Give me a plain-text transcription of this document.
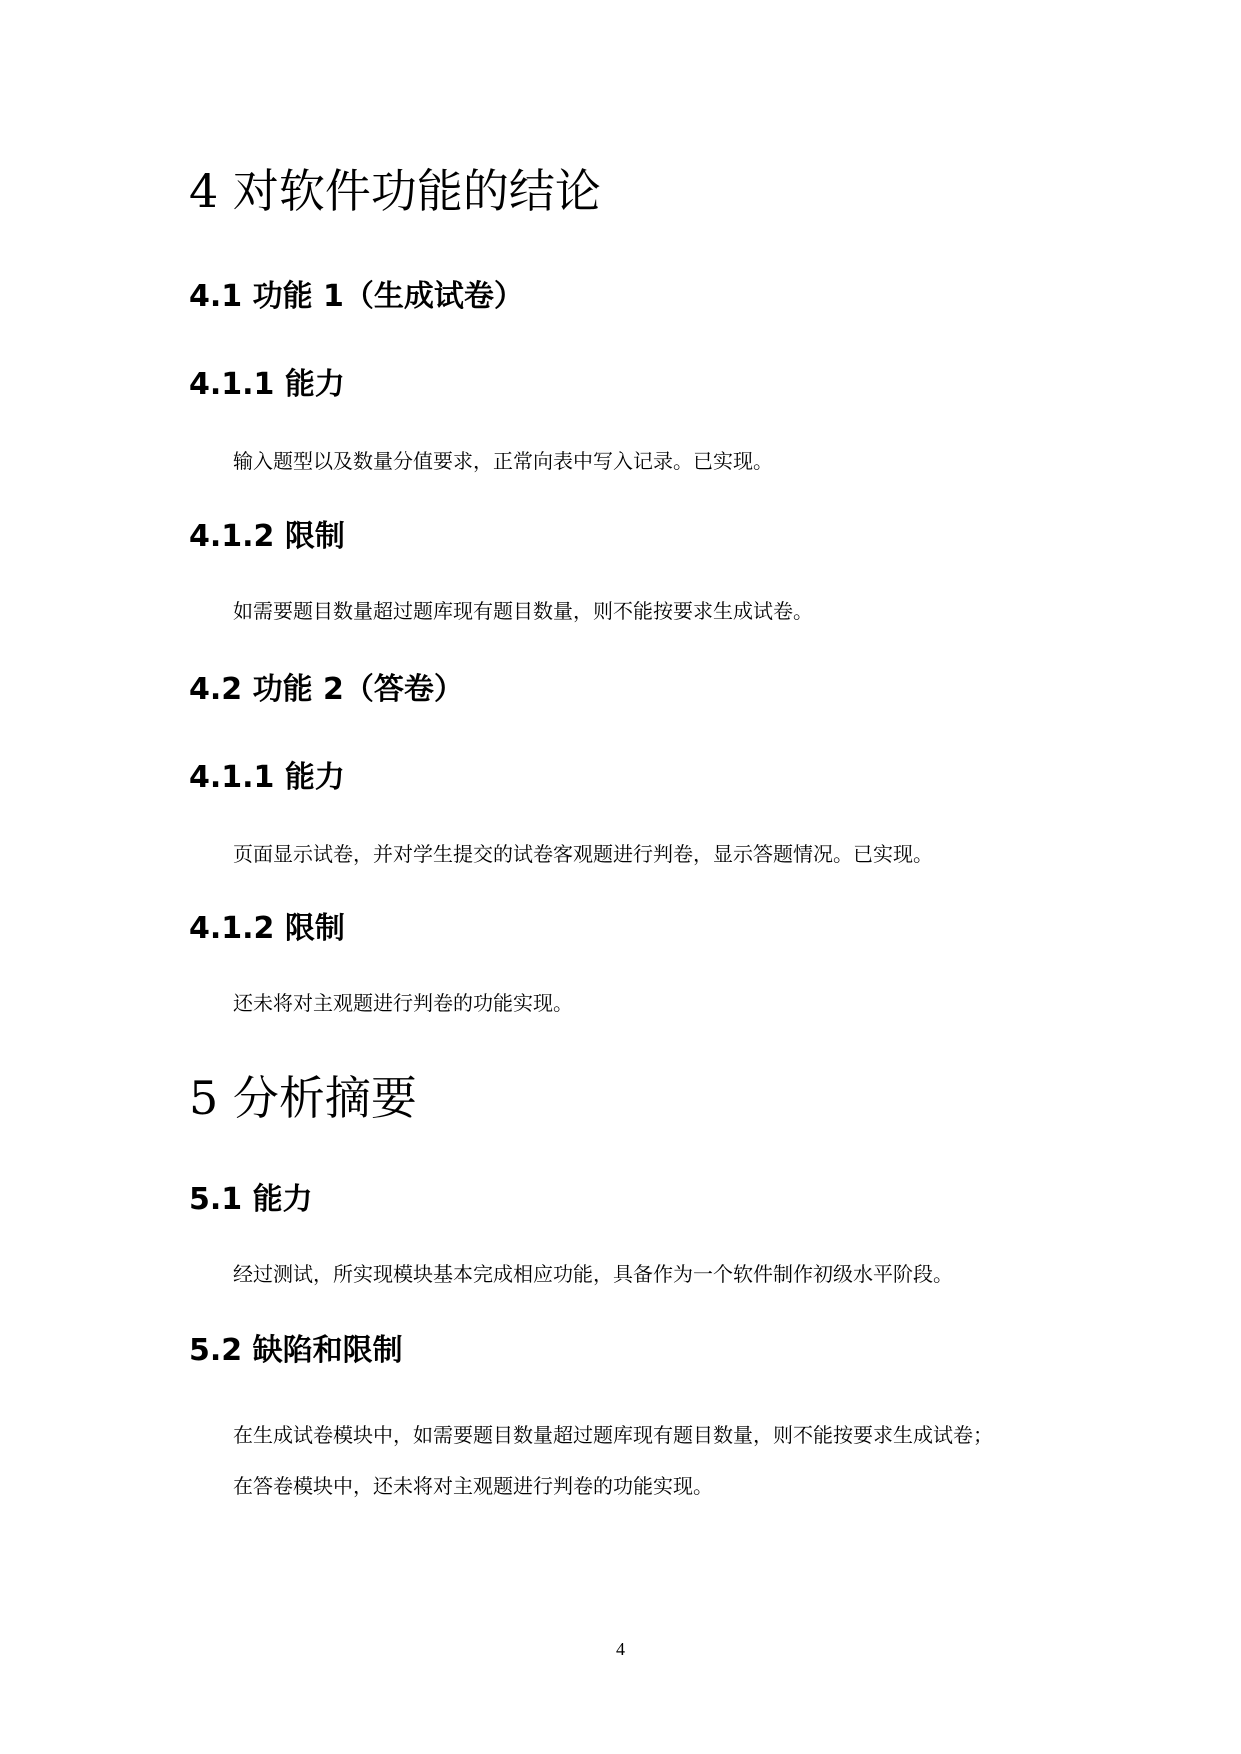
4 对软件功能的结论
4.1 功能 1（生成试卷）
4.1.1 能力

输入题型以及数量分值要求，正常向表中写入记录。已实现。

4.1.2 限制

如需要题目数量超过题库现有题目数量，则不能按要求生成试卷。

4.2 功能 2（答卷）
4.1.1 能力

页面显示试卷，并对学生提交的试卷客观题进行判卷，显示答题情况。已实现。

4.1.2 限制

还未将对主观题进行判卷的功能实现。

5 分析摘要
5.1 能力

经过测试，所实现模块基本完成相应功能，具备作为一个软件制作初级水平阶段。

5.2 缺陷和限制

在生成试卷模块中，如需要题目数量超过题库现有题目数量，则不能按要求生成试卷；

在答卷模块中，还未将对主观题进行判卷的功能实现。

4
